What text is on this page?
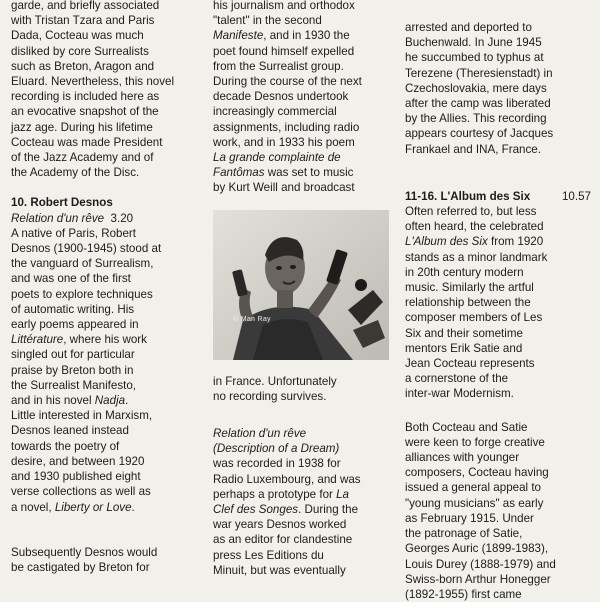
garde, and briefly associated
with Tristan Tzara and Paris
Dada, Cocteau was much
disliked by core Surrealists
such as Breton, Aragon and
Eluard. Nevertheless, this novel
recording is included here as
an evocative snapshot of the
jazz age. During his lifetime
Cocteau was made President
of the Jazz Academy and of
the Academy of the Disc.

10. Robert Desnos
Relation d'un rêve 3.20

A native of Paris, Robert
Desnos (1900-1945) stood at
the vanguard of Surrealism,
and was one of the first
poets to explore techniques
of automatic writing. His
early poems appeared in
Littérature, where his work
singled out for particular
praise by Breton both in
the Surrealist Manifesto,
and in his novel Nadja.
Little interested in Marxism,
Desnos leaned instead
towards the poetry of
desire, and between 1920
and 1930 published eight
verse collections as well as
a novel, Liberty or Love.

Subsequently Desnos would
be castigated by Breton for

his journalism and orthodox
"talent" in the second
Manifeste, and in 1930 the
poet found himself expelled
from the Surrealist group.
During the course of the next
decade Desnos undertook
increasingly commercial
assignments, including radio
work, and in 1933 his poem
La grande complainte de
Fantômas was set to music
by Kurt Weill and broadcast

© Man Ray

in France. Unfortunately
no recording survives.

Relation d'un rêve
(Description of a Dream)
was recorded in 1938 for
Radio Luxembourg, and was
perhaps a prototype for La
Clef des Songes. During the
war years Desnos worked
as an editor for clandestine
press Les Editions du
Minuit, but was eventually

arrested and deported to
Buchenwald. In June 1945
he succumbed to typhus at
Terezene (Theresienstadt) in
Czechoslovakia, mere days
after the camp was liberated
by the Allies. This recording
appears courtesy of Jacques
Frankael and INA, France.

11-16. L'Album des Six	10.57

Often referred to, but less
often heard, the celebrated
L'Album des Six from 1920
stands as a minor landmark
in 20th century modern
music. Similarly the artful
relationship between the
composer members of Les
Six and their sometime
mentors Erik Satie and
Jean Cocteau represents
a cornerstone of the
inter-war Modernism.

Both Cocteau and Satie
were keen to forge creative
alliances with younger
composers, Cocteau having
issued a general appeal to
"young musicians" as early
as February 1915. Under
the patronage of Satie,
Georges Auric (1899-1983),
Louis Durey (1888-1979) and
Swiss-born Arthur Honegger
(1892-1955) first came
